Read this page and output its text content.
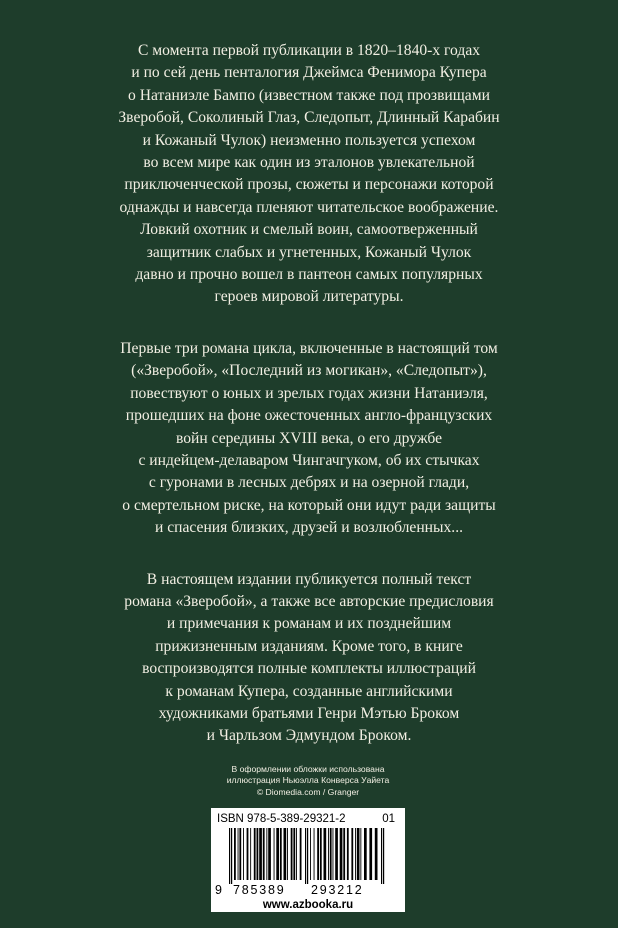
С момента первой публикации в 1820–1840-х годах
и по сей день пенталогия Джеймса Фенимора Купера
о Натаниэле Бампо (известном также под прозвищами
Зверобой, Соколиный Глаз, Следопыт, Длинный Карабин
и Кожаный Чулок) неизменно пользуется успехом
во всем мире как один из эталонов увлекательной
приключенческой прозы, сюжеты и персонажи которой
однажды и навсегда пленяют читательское воображение.
Ловкий охотник и смелый воин, самоотверженный
защитник слабых и угнетенных, Кожаный Чулок
давно и прочно вошел в пантеон самых популярных
героев мировой литературы.
Первые три романа цикла, включенные в настоящий том
(«Зверобой», «Последний из могикан», «Следопыт»),
повествуют о юных и зрелых годах жизни Натаниэля,
прошедших на фоне ожесточенных англо-французских
войн середины XVIII века, о его дружбе
с индейцем-делаваром Чингачгуком, об их стычках
с гуронами в лесных дебрях и на озерной глади,
о смертельном риске, на который они идут ради защиты
и спасения близких, друзей и возлюбленных...
В настоящем издании публикуется полный текст
романа «Зверобой», а также все авторские предисловия
и примечания к романам и их позднейшим
прижизненным изданиям. Кроме того, в книге
воспроизводятся полные комплекты иллюстраций
к романам Купера, созданные английскими
художниками братьями Генри Мэтью Броком
и Чарльзом Эдмундом Броком.
В оформлении обложки использована
иллюстрация Ньюэлла Конверса Уайета
© Diomedia.com / Granger
ISBN 978-5-389-29321-2	01
9 785389 293212
www.azbooka.ru
